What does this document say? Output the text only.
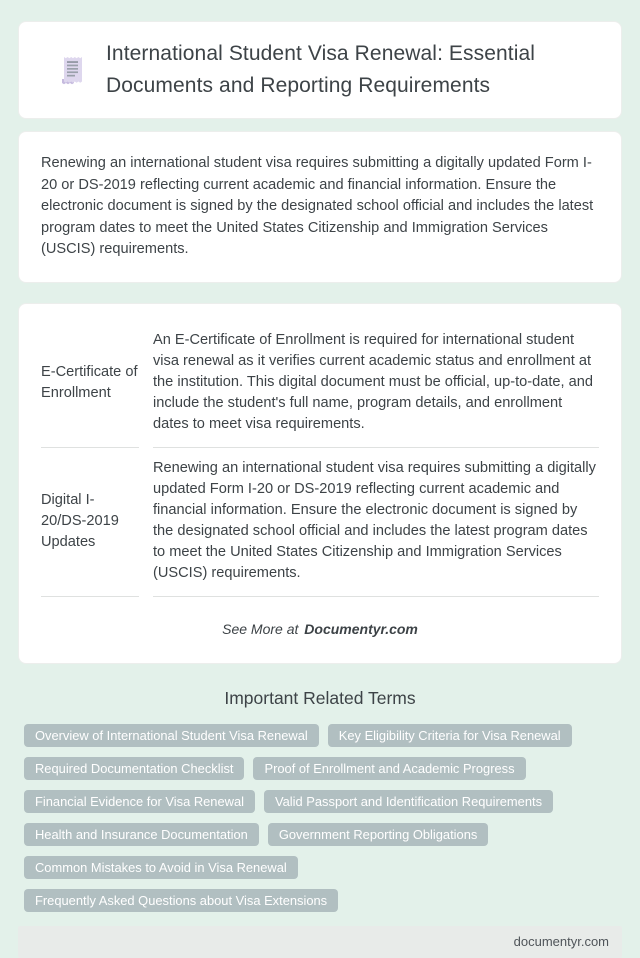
International Student Visa Renewal: Essential Documents and Reporting Requirements

Renewing an international student visa requires submitting a digitally updated Form I-20 or DS-2019 reflecting current academic and financial information. Ensure the electronic document is signed by the designated school official and includes the latest program dates to meet the United States Citizenship and Immigration Services (USCIS) requirements.

E-Certificate of Enrollment
An E-Certificate of Enrollment is required for international student visa renewal as it verifies current academic status and enrollment at the institution. This digital document must be official, up-to-date, and include the student's full name, program details, and enrollment dates to meet visa requirements.
Digital I-20/DS-2019 Updates
Renewing an international student visa requires submitting a digitally updated Form I-20 or DS-2019 reflecting current academic and financial information. Ensure the electronic document is signed by the designated school official and includes the latest program dates to meet the United States Citizenship and Immigration Services (USCIS) requirements.

See More at Documentyr.com

Important Related Terms
Overview of International Student Visa Renewal	Key Eligibility Criteria for Visa Renewal
Required Documentation Checklist	Proof of Enrollment and Academic Progress
Financial Evidence for Visa Renewal	Valid Passport and Identification Requirements
Health and Insurance Documentation	Government Reporting Obligations
Common Mistakes to Avoid in Visa Renewal
Frequently Asked Questions about Visa Extensions
documentyr.com
